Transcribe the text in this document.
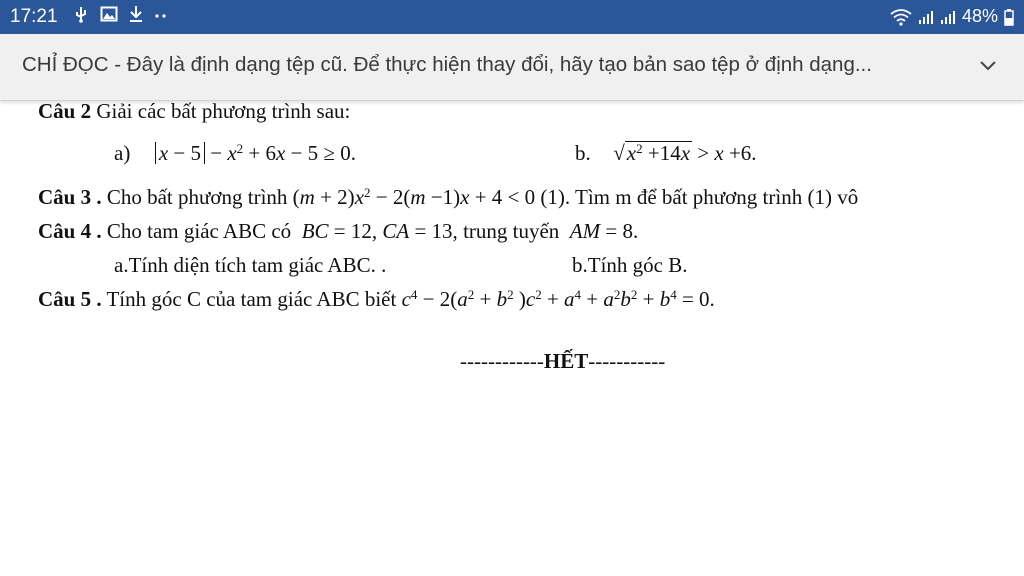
17:21	48%
CHỈ ĐỌC - Đây là định dạng tệp cũ. Để thực hiện thay đổi, hãy tạo bản sao tệp ở định dạng...
Câu 2 Giải các bất phương trình sau:
a) $x - 5 - x^2 + 6x - 5 \ge 0$.	b. $√x^2 +14x > x +6$.
Câu 3 . Cho bất phương trình $(m + 2)x^2 - 2(m -1)x + 4 < 0$ (1). Tìm m để bất phương trình (1) vô
Câu 4 . Cho tam giác ABC có BC = 12, CA = 13, trung tuyến AM = 8.
a.Tính diện tích tam giác ABC. .	b.Tính góc B.
Câu 5 . Tính góc C của tam giác ABC biết $c^4 - 2(a^2 + b^2$ )$c^2 + a^4 + a^2b^2 + b^4 = 0$.
------------HẾT-----------
